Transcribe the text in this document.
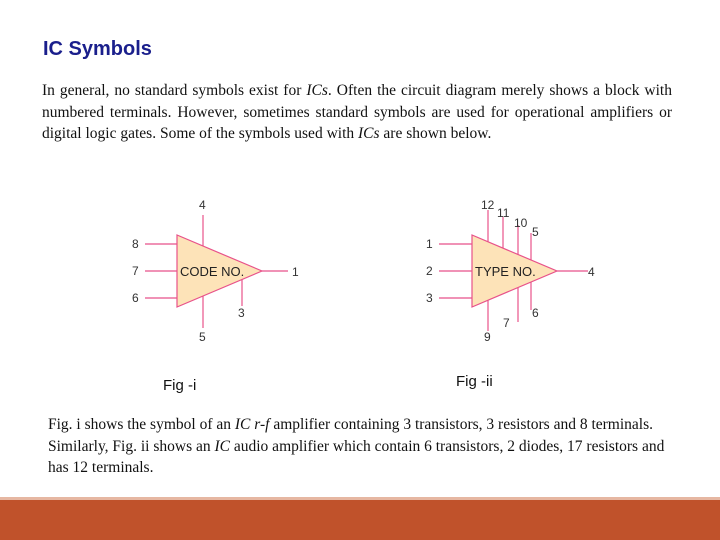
IC Symbols

In general, no standard symbols exist for ICs. Often the circuit diagram merely shows a block with numbered terminals. However, sometimes standard symbols are used for operational amplifiers or digital logic gates. Some of the symbols used with ICs are shown below.

CODE NO.
4
8
7
6
1
3
5
TYPE NO.
12
11
10
5
1
2
3
4
6
7
9
Fig -i	Fig -ii

Fig. i shows the symbol of an IC r-f amplifier containing 3 transistors, 3 resistors and 8 terminals. Similarly, Fig. ii shows an IC audio amplifier which contain 6 transistors, 2 diodes, 17 resistors and has 12 terminals.
